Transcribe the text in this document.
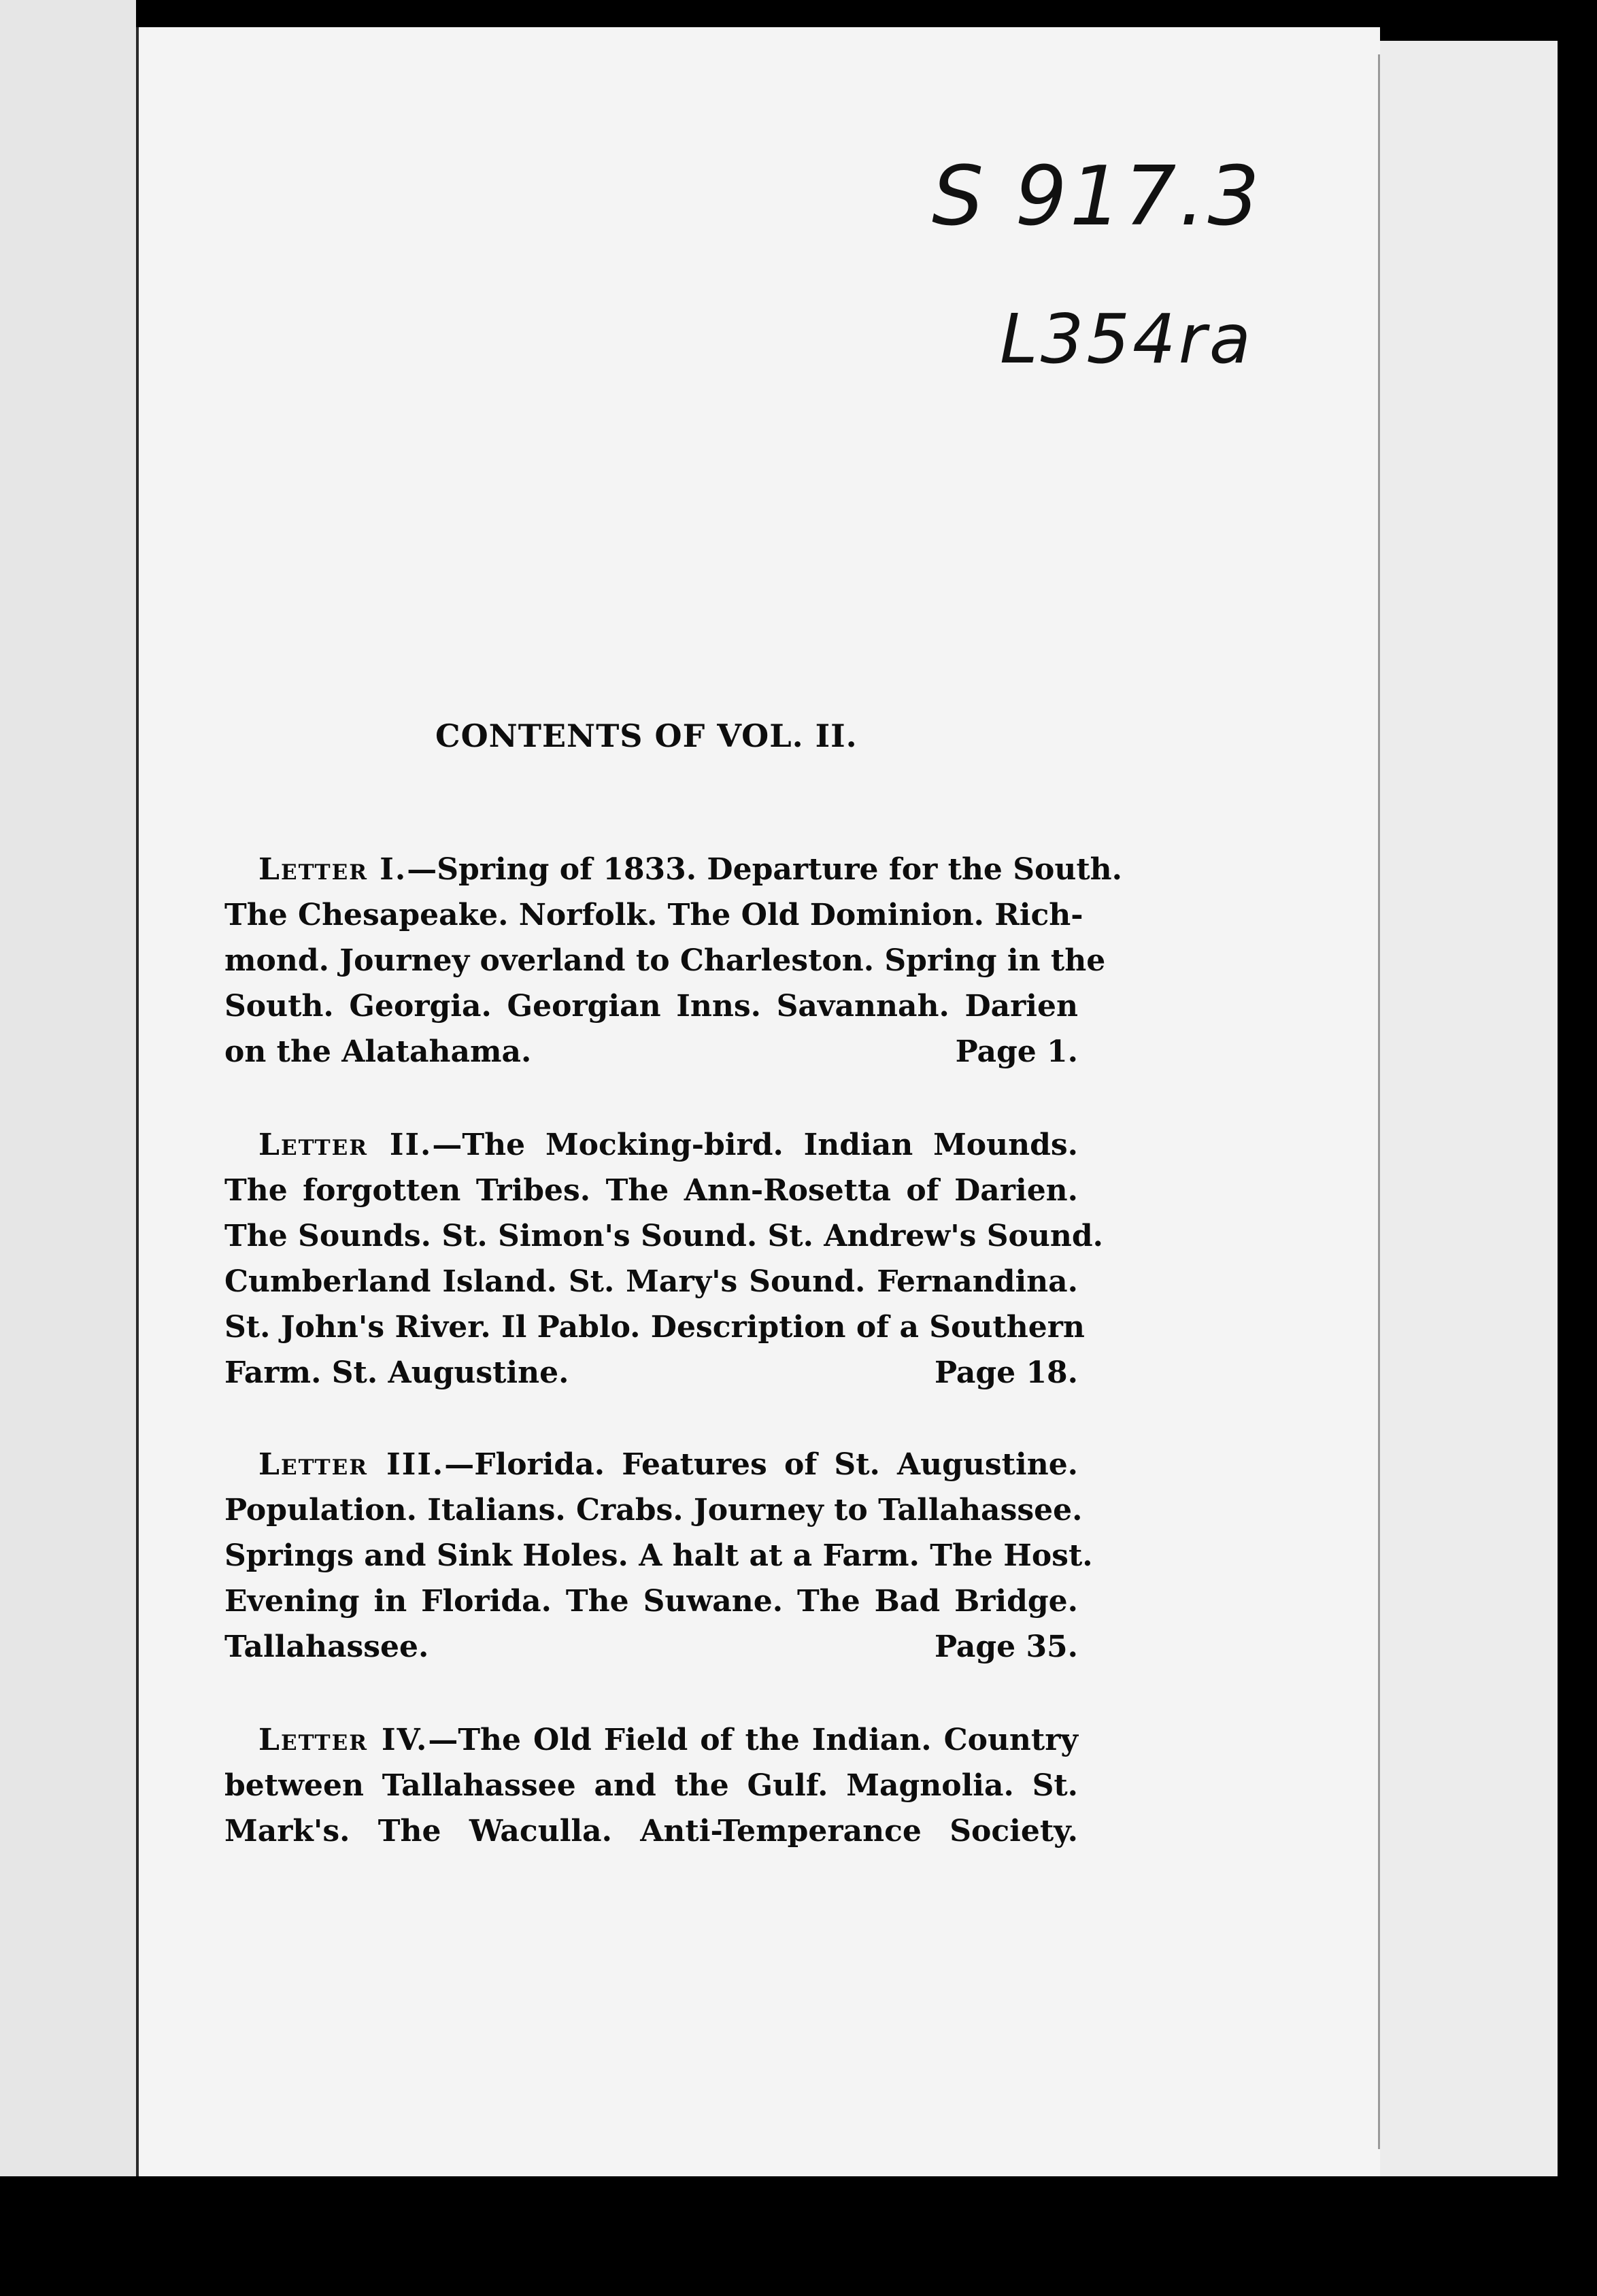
S 917.3
L354ra
CONTENTS OF VOL. II.
Letter I.—Spring of 1833. Departure for the South.
The Chesapeake. Norfolk. The Old Dominion. Rich-
mond. Journey overland to Charleston. Spring in the
South. Georgia. Georgian Inns. Savannah. Darien
on the Alatahama.	Page 1.
Letter II.—The Mocking-bird. Indian Mounds.
The forgotten Tribes. The Ann-Rosetta of Darien.
The Sounds. St. Simon's Sound. St. Andrew's Sound.
Cumberland Island. St. Mary's Sound. Fernandina.
St. John's River. Il Pablo. Description of a Southern
Farm. St. Augustine.	Page 18.
Letter III.—Florida. Features of St. Augustine.
Population. Italians. Crabs. Journey to Tallahassee.
Springs and Sink Holes. A halt at a Farm. The Host.
Evening in Florida. The Suwane. The Bad Bridge.
Tallahassee.	Page 35.
Letter IV.—The Old Field of the Indian. Country
between Tallahassee and the Gulf. Magnolia. St.
Mark's. The Waculla. Anti-Temperance Society.
